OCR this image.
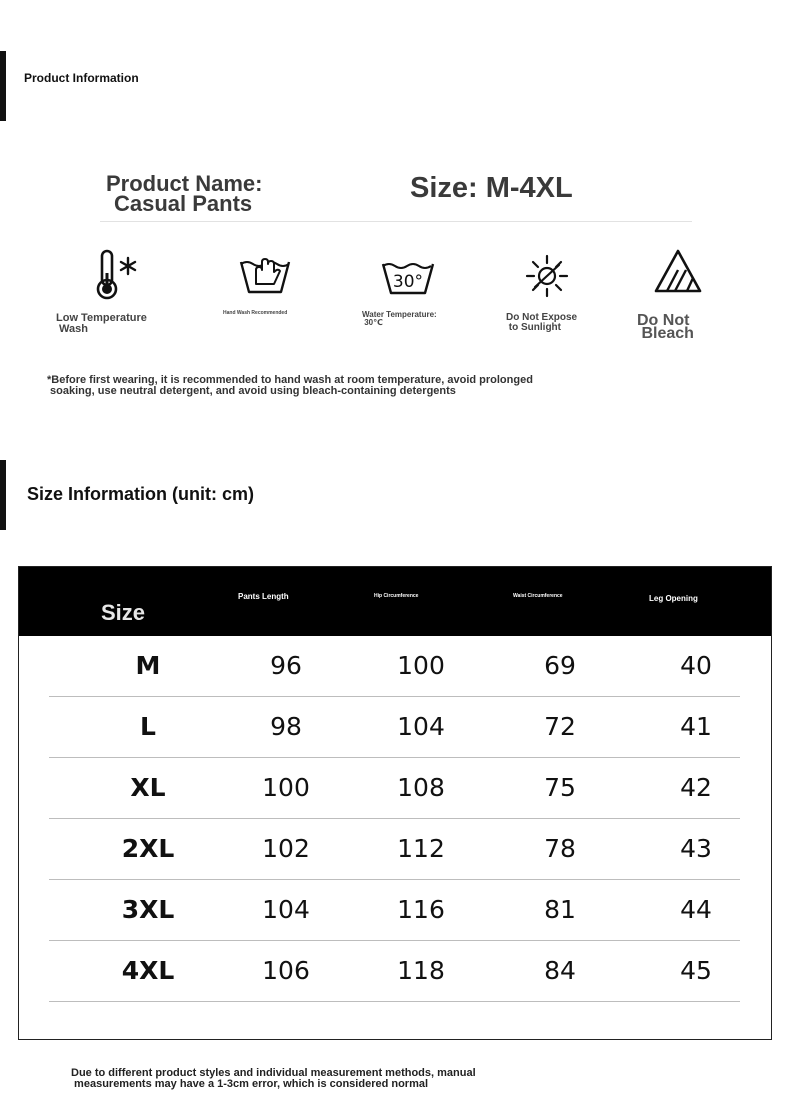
Product Information
Product Name:
Casual Pants	Size: M-4XL
Low Temperature
Wash
Hand Wash Recommended
30°
Water Temperature:
30℃	Do Not Expose
to Sunlight	Do Not
Bleach
*Before first wearing, it is recommended to hand wash at room temperature, avoid prolonged
soaking, use neutral detergent, and avoid using bleach-containing detergents
Size Information (unit: cm)
Size
Pants Length	Hip Circumference	Waist Circumference	Leg Opening
M	96	100	69	40
L	98	104	72	41
XL	100	108	75	42
2XL	102	112	78	43
3XL	104	116	81	44
4XL	106	118	84	45
Due to different product styles and individual measurement methods, manual
measurements may have a 1-3cm error, which is considered normal
